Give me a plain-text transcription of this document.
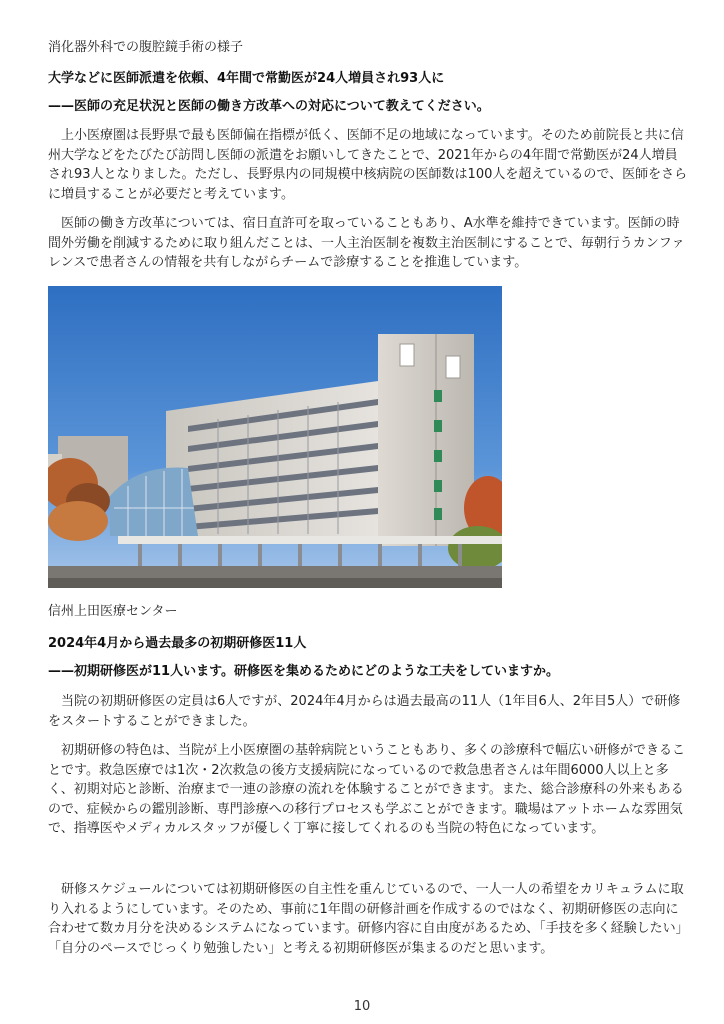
消化器外科での腹腔鏡手術の様子
大学などに医師派遣を依頼、4年間で常勤医が24人増員され93人に
——医師の充足状況と医師の働き方改革への対応について教えてください。
上小医療圏は長野県で最も医師偏在指標が低く、医師不足の地域になっています。そのため前院長と共に信州大学などをたびたび訪問し医師の派遣をお願いしてきたことで、2021年からの4年間で常勤医が24人増員され93人となりました。ただし、長野県内の同規模中核病院の医師数は100人を超えているので、医師をさらに増員することが必要だと考えています。
医師の働き方改革については、宿日直許可を取っていることもあり、A水準を維持できています。医師の時間外労働を削減するために取り組んだことは、一人主治医制を複数主治医制にすることで、毎朝行うカンファレンスで患者さんの情報を共有しながらチームで診療することを推進しています。
信州上田医療センター
2024年4月から過去最多の初期研修医11人
——初期研修医が11人います。研修医を集めるためにどのような工夫をしていますか。
当院の初期研修医の定員は6人ですが、2024年4月からは過去最高の11人（1年目6人、2年目5人）で研修をスタートすることができました。
初期研修の特色は、当院が上小医療圏の基幹病院ということもあり、多くの診療科で幅広い研修ができることです。救急医療では1次・2次救急の後方支援病院になっているので救急患者さんは年間6000人以上と多く、初期対応と診断、治療まで一連の診療の流れを体験することができます。また、総合診療科の外来もあるので、症候からの鑑別診断、専門診療への移行プロセスも学ぶことができます。職場はアットホームな雰囲気で、指導医やメディカルスタッフが優しく丁寧に接してくれるのも当院の特色になっています。
研修スケジュールについては初期研修医の自主性を重んじているので、一人一人の希望をカリキュラムに取り入れるようにしています。そのため、事前に1年間の研修計画を作成するのではなく、初期研修医の志向に合わせて数カ月分を決めるシステムになっています。研修内容に自由度があるため、「手技を多く経験したい」「自分のペースでじっくり勉強したい」と考える初期研修医が集まるのだと思います。
10
